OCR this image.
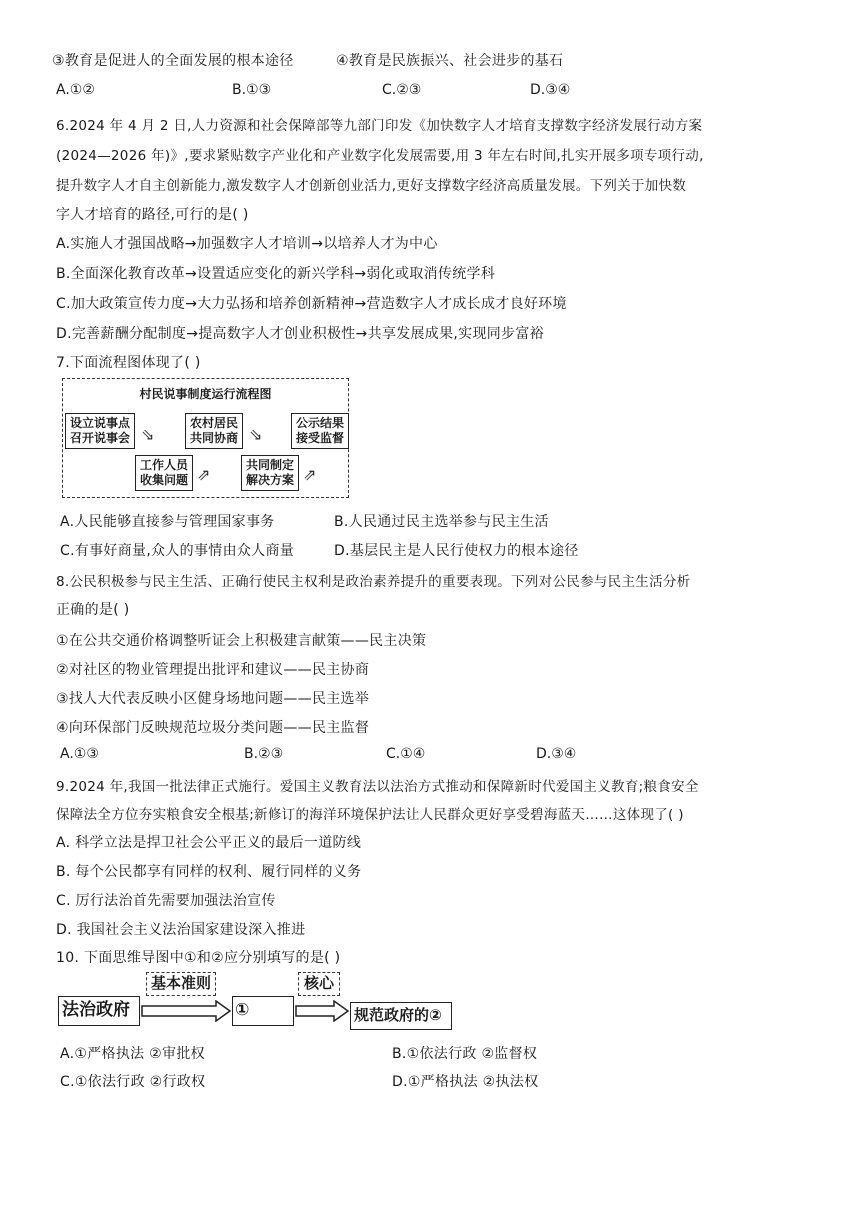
③教育是促进人的全面发展的根本途径	④教育是民族振兴、社会进步的基石
A.①②	B.①③	C.②③	D.③④
6.2024 年 4 月 2 日,人力资源和社会保障部等九部门印发《加快数字人才培育支撑数字经济发展行动方案
(2024—2026 年)》,要求紧贴数字产业化和产业数字化发展需要,用 3 年左右时间,扎实开展多项专项行动,
提升数字人才自主创新能力,激发数字人才创新创业活力,更好支撑数字经济高质量发展。下列关于加快数
字人才培育的路径,可行的是( )
A.实施人才强国战略→加强数字人才培训→以培养人才为中心
B.全面深化教育改革→设置适应变化的新兴学科→弱化或取消传统学科
C.加大政策宣传力度→大力弘扬和培养创新精神→营造数字人才成长成才良好环境
D.完善薪酬分配制度→提高数字人才创业积极性→共享发展成果,实现同步富裕
7.下面流程图体现了( )
村民说事制度运行流程图
设立说事点
召开说事会 ⇘
农村居民
共同协商 ⇘
公示结果
接受监督
工作人员
收集问题 ⇗	共同制定
解决方案 ⇗
A.人民能够直接参与管理国家事务	B.人民通过民主选举参与民主生活
C.有事好商量,众人的事情由众人商量	D.基层民主是人民行使权力的根本途径
8.公民积极参与民主生活、正确行使民主权利是政治素养提升的重要表现。下列对公民参与民主生活分析
正确的是( )
①在公共交通价格调整听证会上积极建言献策——民主决策
②对社区的物业管理提出批评和建议——民主协商
③找人大代表反映小区健身场地问题——民主选举
④向环保部门反映规范垃圾分类问题——民主监督
A.①③	B.②③	C.①④	D.③④
9.2024 年,我国一批法律正式施行。爱国主义教育法以法治方式推动和保障新时代爱国主义教育;粮食安全
保障法全方位夯实粮食安全根基;新修订的海洋环境保护法让人民群众更好享受碧海蓝天……这体现了( )
A. 科学立法是捍卫社会公平正义的最后一道防线
B. 每个公民都享有同样的权利、履行同样的义务
C. 厉行法治首先需要加强法治宣传
D. 我国社会主义法治国家建设深入推进
10. 下面思维导图中①和②应分别填写的是( )
法治政府
基本准则
①
核心
规范政府的②
A.①严格执法 ②审批权	B.①依法行政 ②监督权
C.①依法行政 ②行政权	D.①严格执法 ②执法权
